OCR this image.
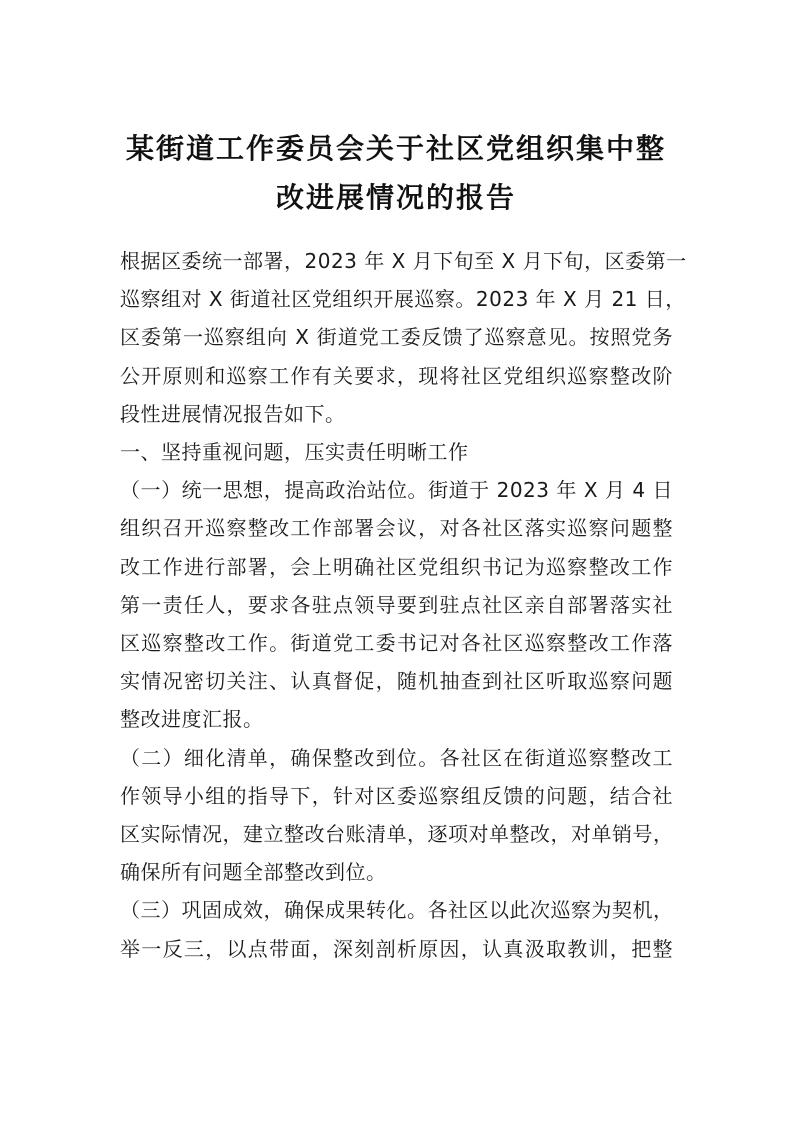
某街道工作委员会关于社区党组织集中整
改进展情况的报告

根据区委统一部署，2023 年 X 月下旬至 X 月下旬，区委第一
巡察组对 X 街道社区党组织开展巡察。2023 年 X 月 21 日，
区委第一巡察组向 X 街道党工委反馈了巡察意见。按照党务
公开原则和巡察工作有关要求，现将社区党组织巡察整改阶
段性进展情况报告如下。

一、坚持重视问题，压实责任明晰工作

（一）统一思想，提高政治站位。街道于 2023 年 X 月 4 日
组织召开巡察整改工作部署会议，对各社区落实巡察问题整
改工作进行部署，会上明确社区党组织书记为巡察整改工作
第一责任人，要求各驻点领导要到驻点社区亲自部署落实社
区巡察整改工作。街道党工委书记对各社区巡察整改工作落
实情况密切关注、认真督促，随机抽查到社区听取巡察问题
整改进度汇报。

（二）细化清单，确保整改到位。各社区在街道巡察整改工
作领导小组的指导下，针对区委巡察组反馈的问题，结合社
区实际情况，建立整改台账清单，逐项对单整改，对单销号，
确保所有问题全部整改到位。

（三）巩固成效，确保成果转化。各社区以此次巡察为契机，
举一反三，以点带面，深刻剖析原因，认真汲取教训，把整
